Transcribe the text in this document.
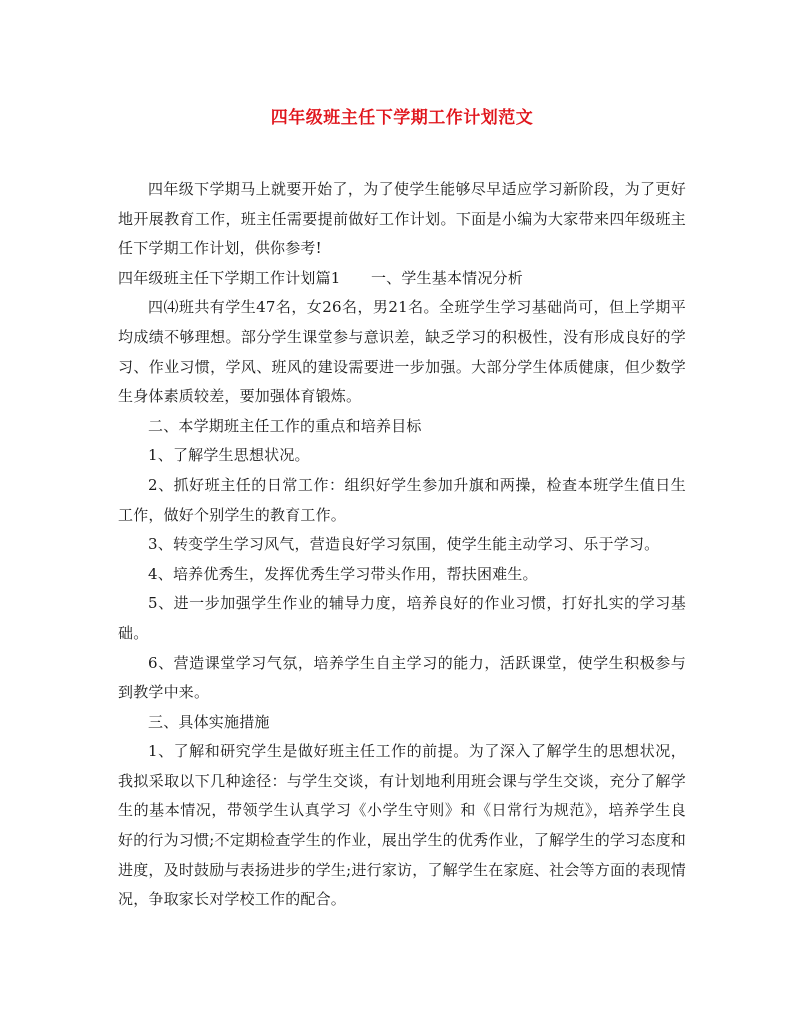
四年级班主任下学期工作计划范文

四年级下学期马上就要开始了，为了使学生能够尽早适应学习新阶段，为了更好地开展教育工作，班主任需要提前做好工作计划。下面是小编为大家带来四年级班主任下学期工作计划，供你参考!

四年级班主任下学期工作计划篇1　　一、学生基本情况分析

四⑷班共有学生47名，女26名，男21名。全班学生学习基础尚可，但上学期平均成绩不够理想。部分学生课堂参与意识差，缺乏学习的积极性，没有形成良好的学习、作业习惯，学风、班风的建设需要进一步加强。大部分学生体质健康，但少数学生身体素质较差，要加强体育锻炼。

二、本学期班主任工作的重点和培养目标

1、了解学生思想状况。

2、抓好班主任的日常工作：组织好学生参加升旗和两操，检查本班学生值日生工作，做好个别学生的教育工作。

3、转变学生学习风气，营造良好学习氛围，使学生能主动学习、乐于学习。

4、培养优秀生，发挥优秀生学习带头作用，帮扶困难生。

5、进一步加强学生作业的辅导力度，培养良好的作业习惯，打好扎实的学习基础。

6、营造课堂学习气氛，培养学生自主学习的能力，活跃课堂，使学生积极参与到教学中来。

三、具体实施措施

1、了解和研究学生是做好班主任工作的前提。为了深入了解学生的思想状况，我拟采取以下几种途径：与学生交谈，有计划地利用班会课与学生交谈，充分了解学生的基本情况，带领学生认真学习《小学生守则》和《日常行为规范》，培养学生良好的行为习惯;不定期检查学生的作业，展出学生的优秀作业，了解学生的学习态度和进度，及时鼓励与表扬进步的学生;进行家访，了解学生在家庭、社会等方面的表现情况，争取家长对学校工作的配合。
